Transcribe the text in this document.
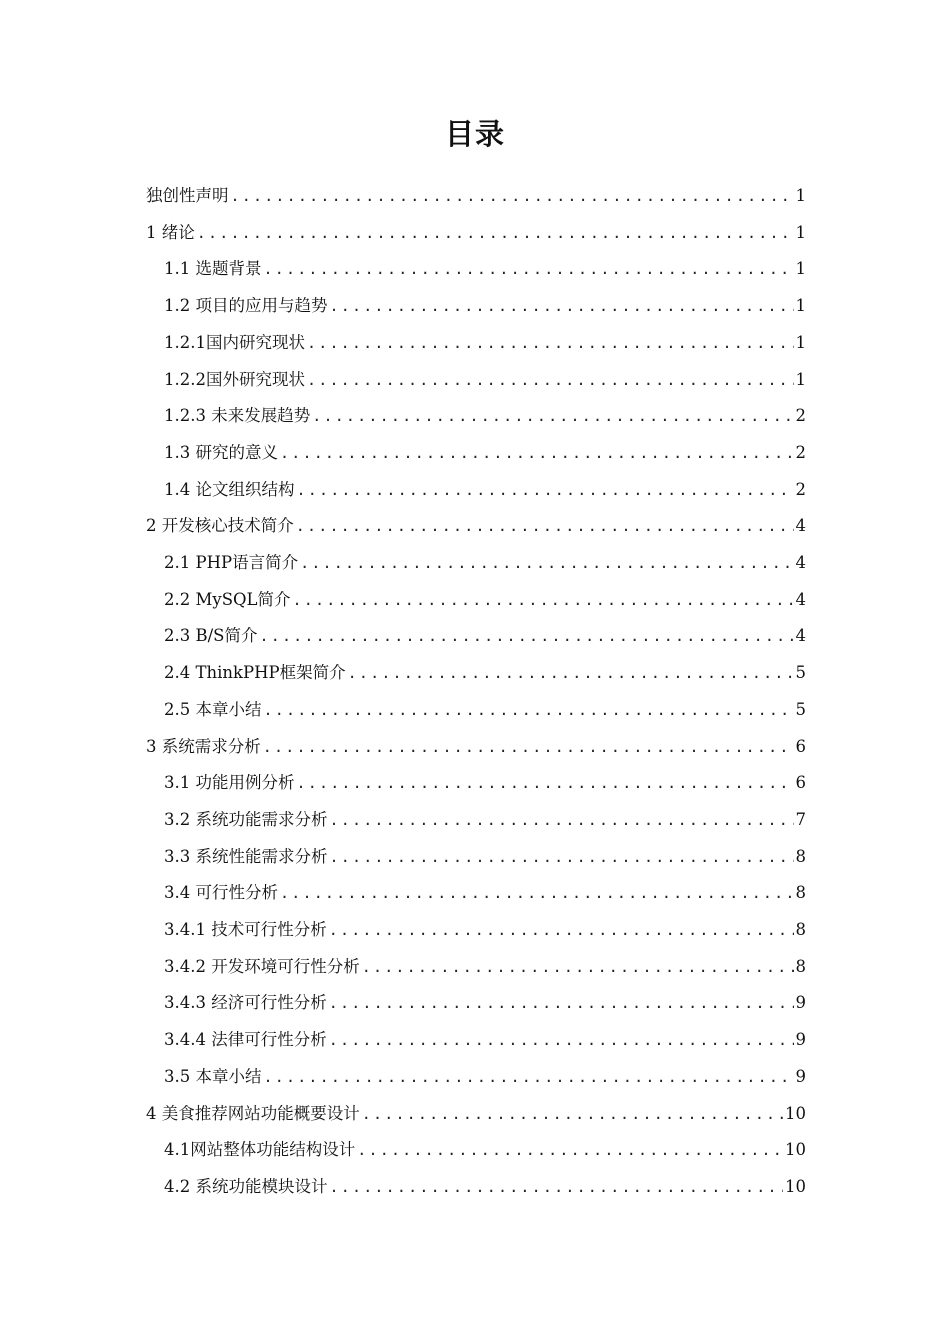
目录
独创性声明 .....	1
1 绪论 .....	1
1.1 选题背景 .....	1
1.2 项目的应用与趋势 .....	1
1.2.1国内研究现状 .....	1
1.2.2国外研究现状 .....	1
1.2.3 未来发展趋势 .....	2
1.3 研究的意义 .....	2
1.4 论文组织结构 .....	2
2 开发核心技术简介 .....	4
2.1 PHP语言简介 .....	4
2.2 MySQL简介 .....	4
2.3 B/S简介 .....	4
2.4 ThinkPHP框架简介 .....	5
2.5 本章小结 .....	5
3 系统需求分析 .....	6
3.1 功能用例分析 .....	6
3.2 系统功能需求分析 .....	7
3.3 系统性能需求分析 .....	8
3.4 可行性分析 .....	8
3.4.1 技术可行性分析 .....	8
3.4.2 开发环境可行性分析 .....	8
3.4.3 经济可行性分析 .....	9
3.4.4 法律可行性分析 .....	9
3.5 本章小结 .....	9
4 美食推荐网站功能概要设计 .....	10
4.1网站整体功能结构设计 .....	10
4.2 系统功能模块设计 .....	10
